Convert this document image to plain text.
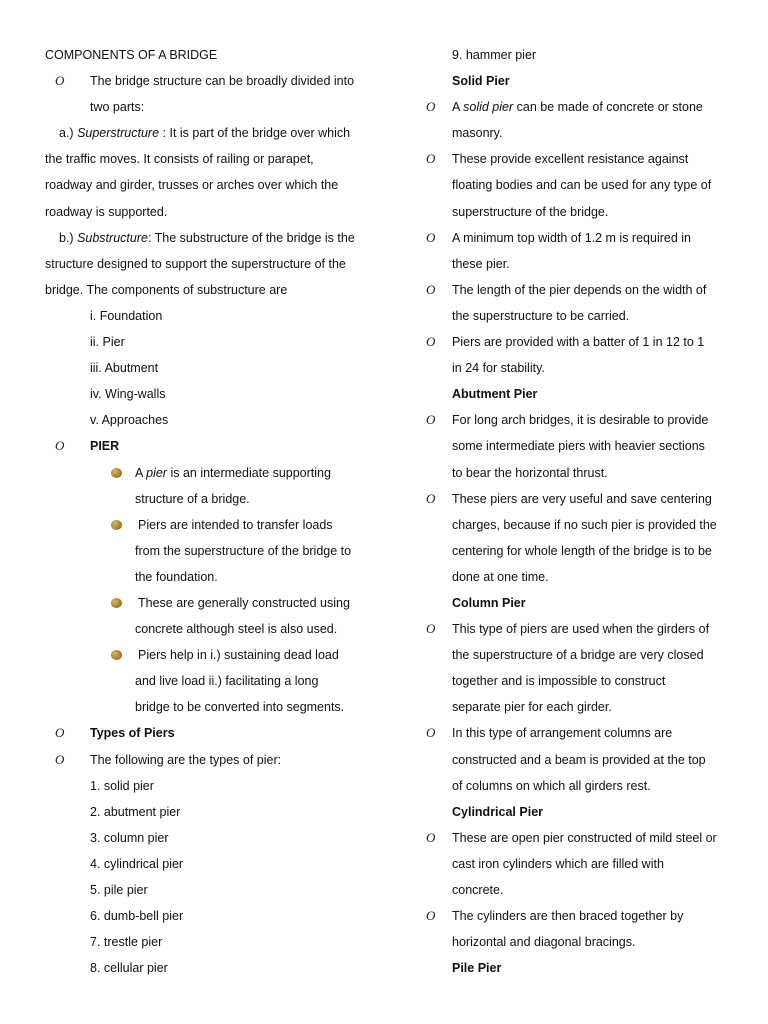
COMPONENTS OF A BRIDGE
O The bridge structure can be broadly divided into
two parts:
a.) Superstructure : It is part of the bridge over which
the traffic moves. It consists of railing or parapet,
roadway and girder, trusses or arches over which the
roadway is supported.
b.) Substructure: The substructure of the bridge is the
structure designed to support the superstructure of the
bridge. The components of substructure are
i. Foundation
ii. Pier
iii. Abutment
iv. Wing-walls
v. Approaches
O PIER
A pier is an intermediate supporting
structure of a bridge.
Piers are intended to transfer loads
from the superstructure of the bridge to
the foundation.
These are generally constructed using
concrete although steel is also used.
Piers help in i.) sustaining dead load
and live load ii.) facilitating a long
bridge to be converted into segments.
O Types of Piers
O The following are the types of pier:
1. solid pier
2. abutment pier
3. column pier
4. cylindrical pier
5. pile pier
6. dumb-bell pier
7. trestle pier
8. cellular pier
9. hammer pier
Solid Pier
O A solid pier can be made of concrete or stone
masonry.
O These provide excellent resistance against
floating bodies and can be used for any type of
superstructure of the bridge.
O A minimum top width of 1.2 m is required in
these pier.
O The length of the pier depends on the width of
the superstructure to be carried.
O Piers are provided with a batter of 1 in 12 to 1
in 24 for stability.
Abutment Pier
O For long arch bridges, it is desirable to provide
some intermediate piers with heavier sections
to bear the horizontal thrust.
O These piers are very useful and save centering
charges, because if no such pier is provided the
centering for whole length of the bridge is to be
done at one time.
Column Pier
O This type of piers are used when the girders of
the superstructure of a bridge are very closed
together and is impossible to construct
separate pier for each girder.
O In this type of arrangement columns are
constructed and a beam is provided at the top
of columns on which all girders rest.
Cylindrical Pier
O These are open pier constructed of mild steel or
cast iron cylinders which are filled with
concrete.
O The cylinders are then braced together by
horizontal and diagonal bracings.
Pile Pier
